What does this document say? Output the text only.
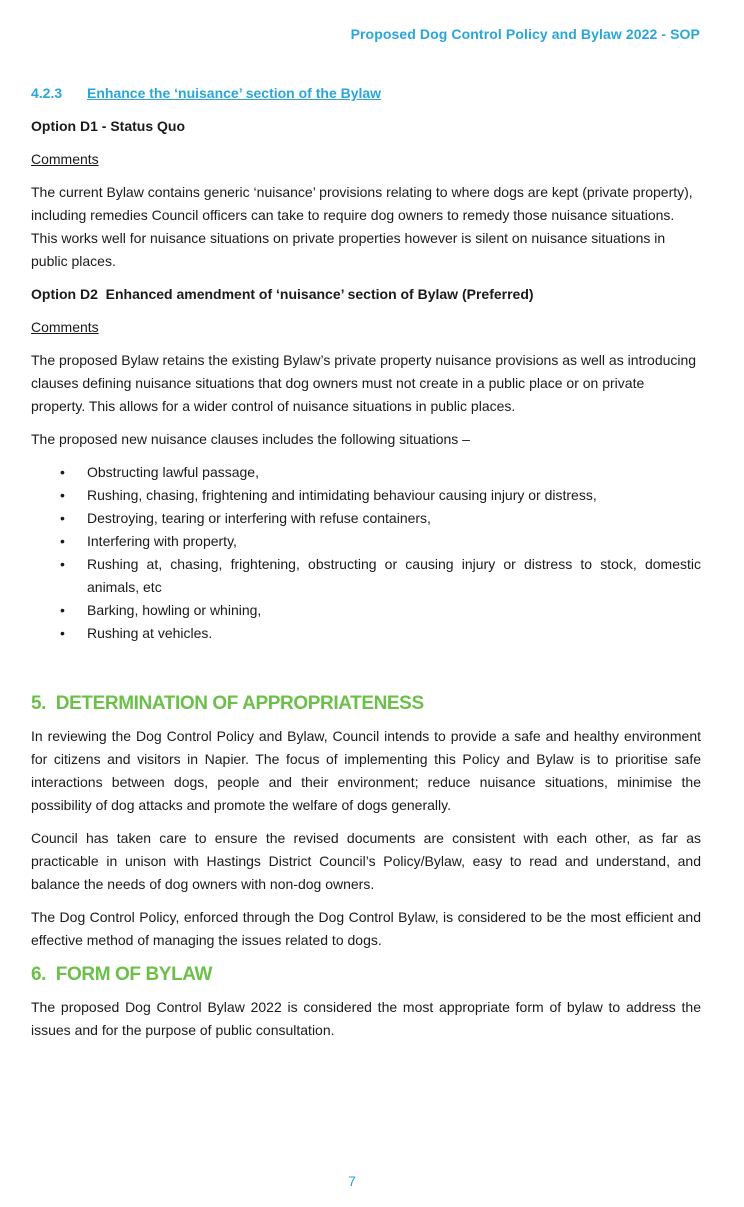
Proposed Dog Control Policy and Bylaw 2022 - SOP
4.2.3 Enhance the ‘nuisance’ section of the Bylaw
Option D1 - Status Quo
Comments

The current Bylaw contains generic ‘nuisance’ provisions relating to where dogs are kept (private property), including remedies Council officers can take to require dog owners to remedy those nuisance situations. This works well for nuisance situations on private properties however is silent on nuisance situations in public places.

Option D2  Enhanced amendment of ‘nuisance’ section of Bylaw (Preferred)
Comments

The proposed Bylaw retains the existing Bylaw’s private property nuisance provisions as well as introducing clauses defining nuisance situations that dog owners must not create in a public place or on private property. This allows for a wider control of nuisance situations in public places.

The proposed new nuisance clauses includes the following situations –

• Obstructing lawful passage,
• Rushing, chasing, frightening and intimidating behaviour causing injury or distress,
• Destroying, tearing or interfering with refuse containers,
• Interfering with property,
• Rushing at, chasing, frightening, obstructing or causing injury or distress to stock, domestic animals, etc
• Barking, howling or whining,
• Rushing at vehicles.
5.  DETERMINATION OF APPROPRIATENESS

In reviewing the Dog Control Policy and Bylaw, Council intends to provide a safe and healthy environment for citizens and visitors in Napier. The focus of implementing this Policy and Bylaw is to prioritise safe interactions between dogs, people and their environment; reduce nuisance situations, minimise the possibility of dog attacks and promote the welfare of dogs generally.

Council has taken care to ensure the revised documents are consistent with each other, as far as practicable in unison with Hastings District Council’s Policy/Bylaw, easy to read and understand, and balance the needs of dog owners with non-dog owners.

The Dog Control Policy, enforced through the Dog Control Bylaw, is considered to be the most efficient and effective method of managing the issues related to dogs.

6.  FORM OF BYLAW

The proposed Dog Control Bylaw 2022 is considered the most appropriate form of bylaw to address the issues and for the purpose of public consultation.

7
